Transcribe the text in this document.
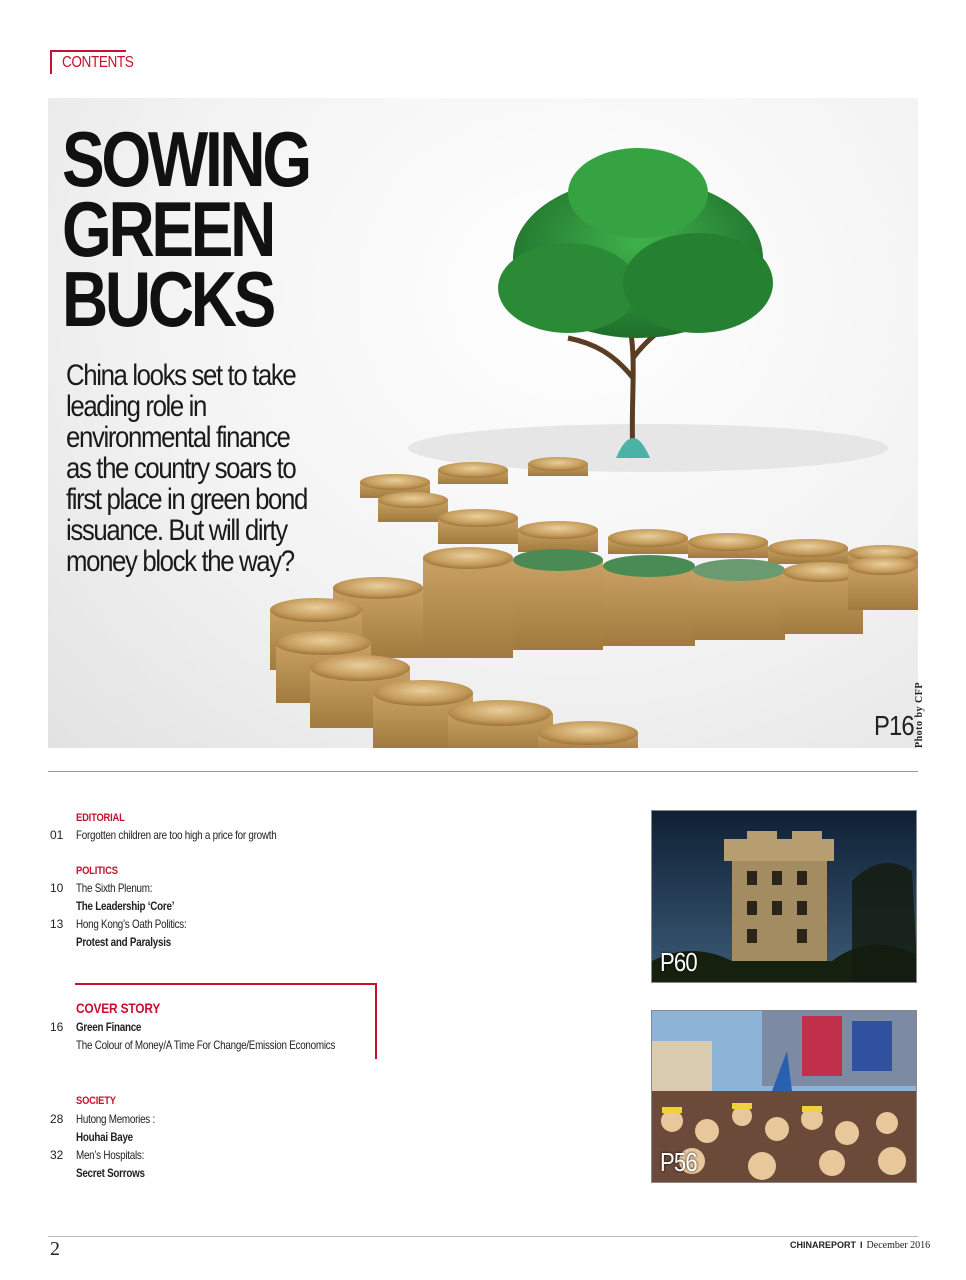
CONTENTS
SOWING
GREEN
BUCKS
China looks set to take leading role in environmental finance as the country soars to first place in green bond issuance. But will dirty money block the way?
P16 Photo by CFP
EDITORIAL
01 Forgotten children are too high a price for growth
POLITICS
10 The Sixth Plenum:
The Leadership ‘Core’
13 Hong Kong’s Oath Politics:
Protest and Paralysis
COVER STORY
16 Green Finance
The Colour of Money/A Time For Change/Emission Economics
SOCIETY
28 Hutong Memories :
Houhai Baye
32 Men’s Hospitals:
Secret Sorrows
P60
P56
2	CHINAREPORT I December 2016
